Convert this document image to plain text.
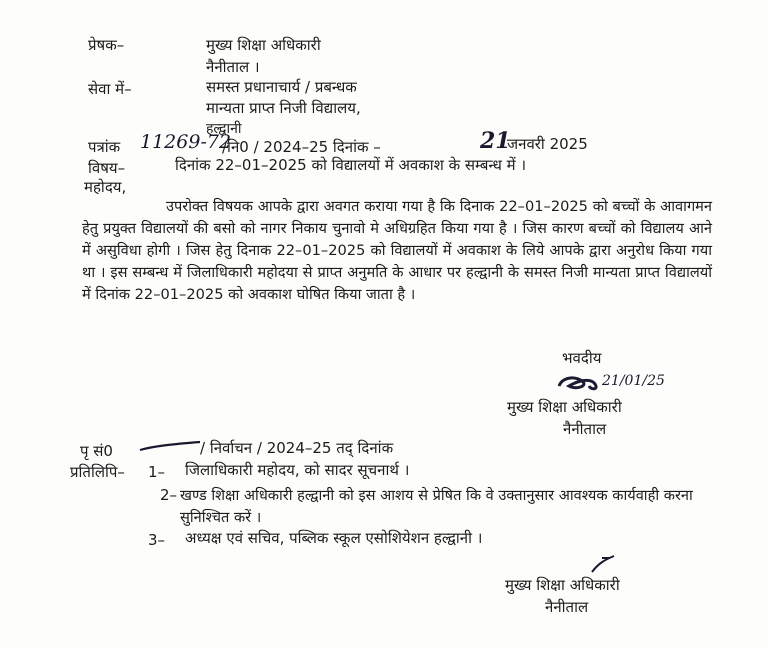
प्रेषक–	मुख्य शिक्षा अधिकारी
नैनीताल ।
सेवा में–	समस्त प्रधानाचार्य / प्रबन्धक
मान्यता प्राप्त निजी विद्यालय,
हल्द्वानी
पत्रांक 11269-72
/नि0 / 2024–25 दिनांक –	21
जनवरी 2025
विषय–	दिनांक 22–01–2025 को विद्यालयों में अवकाश के सम्बन्ध में ।
महोदय,
उपरोक्त विषयक आपके द्वारा अवगत कराया गया है कि दिनाक 22–01–2025 को बच्चों के आवागमन हेतु प्रयुक्त विद्यालयों की बसो को नागर निकाय चुनावो मे अधिग्रहित किया गया है । जिस कारण बच्चों को विद्यालय आने में असुविधा होगी । जिस हेतु दिनाक 22–01–2025 को विद्यालयों में अवकाश के लिये आपके द्वारा अनुरोध किया गया था । इस सम्बन्ध में जिलाधिकारी महोदया से प्राप्त अनुमति के आधार पर हल्द्वानी के समस्त निजी मान्यता प्राप्त विद्यालयों में दिनांक 22–01–2025 को अवकाश घोषित किया जाता है ।
भवदीय
21/01/25
मुख्य शिक्षा अधिकारी
नैनीताल
पृ सं0	/ निर्वाचन / 2024–25 तद् दिनांक
प्रतिलिपि– 1– जिलाधिकारी महोदय, को सादर सूचनार्थ ।
2– खण्ड शिक्षा अधिकारी हल्द्वानी को इस आशय से प्रेषित कि वे उक्तानुसार आवश्यक कार्यवाही करना सुनिश्चित करें ।
3– अध्यक्ष एवं सचिव, पब्लिक स्कूल एसोशियेशन हल्द्वानी ।
मुख्य शिक्षा अधिकारी
नैनीताल
